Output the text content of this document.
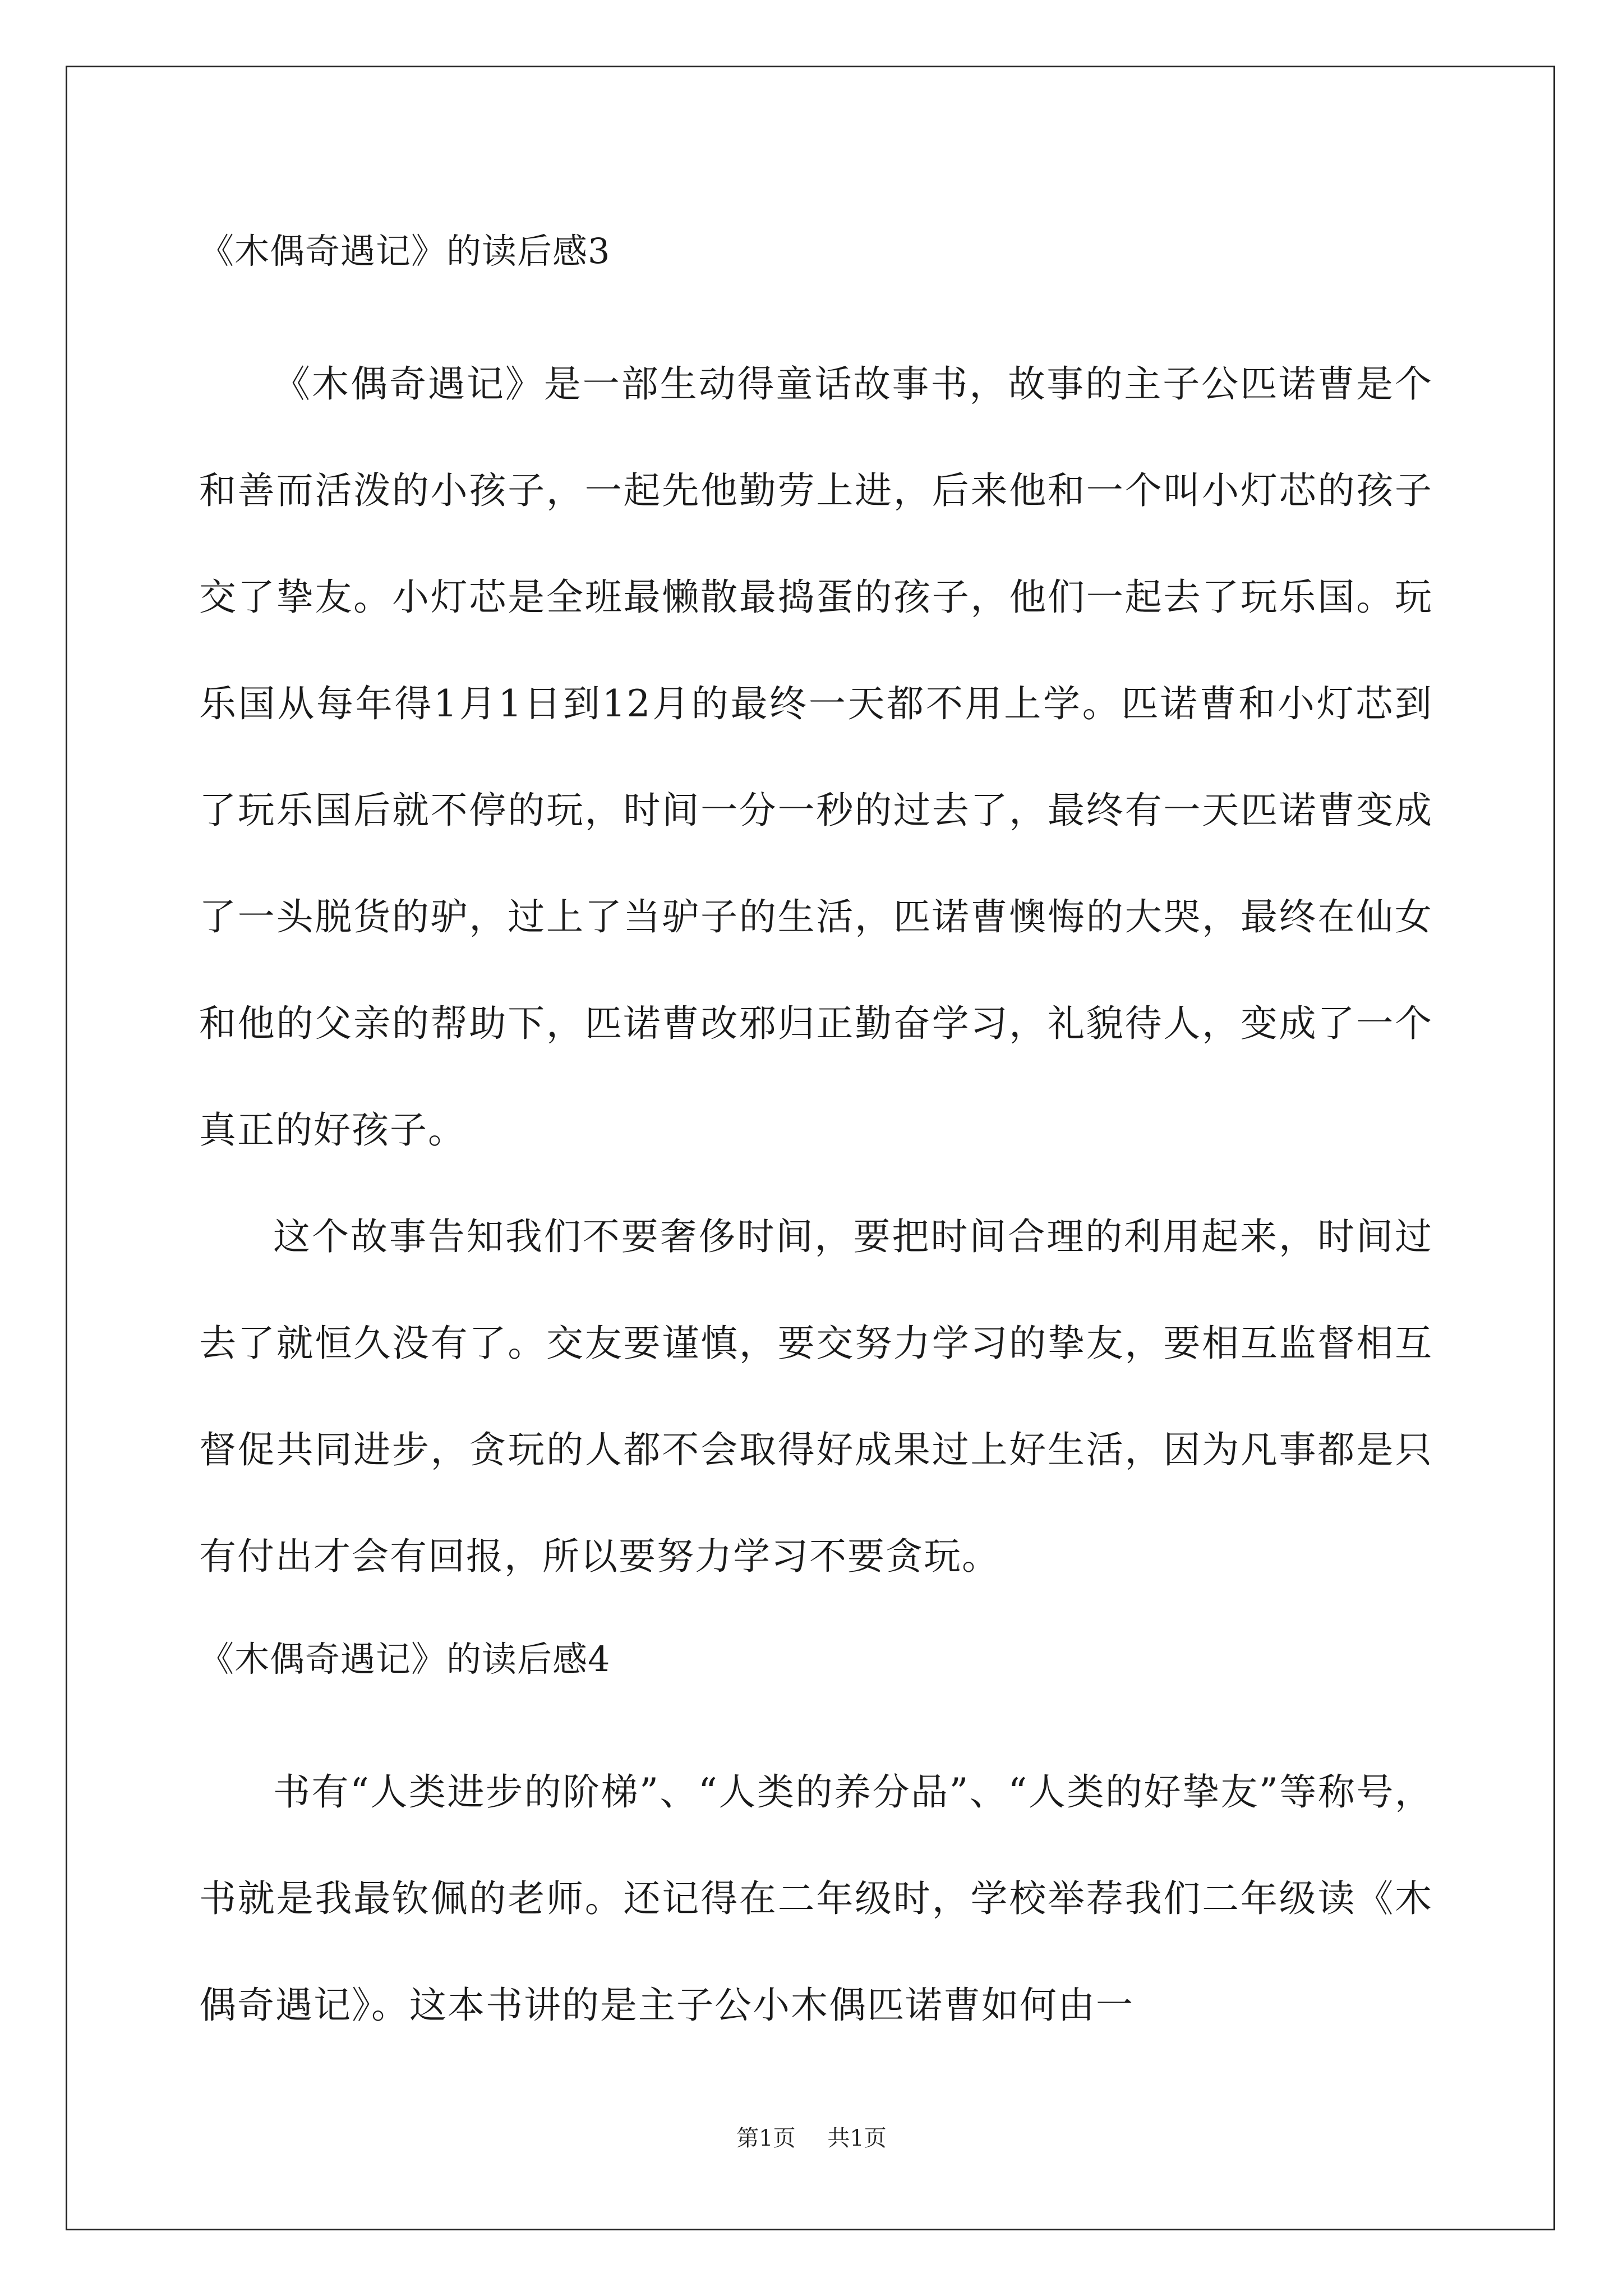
《木偶奇遇记》的读后感3

《木偶奇遇记》是一部生动得童话故事书，故事的主子公匹诺曹是个和善而活泼的小孩子，一起先他勤劳上进，后来他和一个叫小灯芯的孩子交了挚友。小灯芯是全班最懒散最捣蛋的孩子，他们一起去了玩乐国。玩乐国从每年得1月1日到12月的最终一天都不用上学。匹诺曹和小灯芯到了玩乐国后就不停的玩，时间一分一秒的过去了，最终有一天匹诺曹变成了一头脱货的驴，过上了当驴子的生活，匹诺曹懊悔的大哭，最终在仙女和他的父亲的帮助下，匹诺曹改邪归正勤奋学习，礼貌待人，变成了一个真正的好孩子。

这个故事告知我们不要奢侈时间，要把时间合理的利用起来，时间过去了就恒久没有了。交友要谨慎，要交努力学习的挚友，要相互监督相互督促共同进步，贪玩的人都不会取得好成果过上好生活，因为凡事都是只有付出才会有回报，所以要努力学习不要贪玩。

《木偶奇遇记》的读后感4

书有“人类进步的阶梯”、“人类的养分品”、“人类的好挚友”等称号，书就是我最钦佩的老师。还记得在二年级时，学校举荐我们二年级读《木偶奇遇记》。这本书讲的是主子公小木偶匹诺曹如何由一

第1页 共1页
